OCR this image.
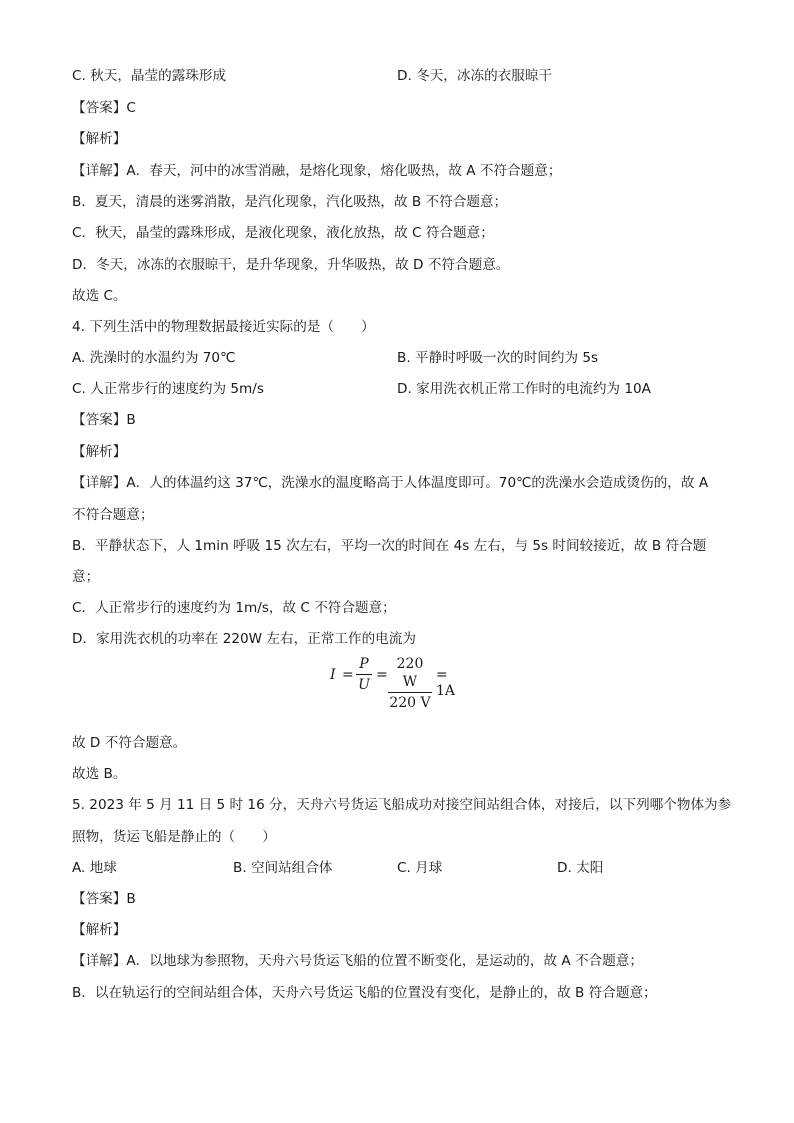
C. 秋天，晶莹的露珠形成	D. 冬天，冰冻的衣服晾干
【答案】C
【解析】
【详解】A．春天，河中的冰雪消融，是熔化现象，熔化吸热，故 A 不符合题意；
B．夏天，清晨的迷雾消散，是汽化现象，汽化吸热，故 B 不符合题意；
C．秋天，晶莹的露珠形成，是液化现象，液化放热，故 C 符合题意；
D．冬天，冰冻的衣服晾干，是升华现象，升华吸热，故 D 不符合题意。
故选 C。
4. 下列生活中的物理数据最接近实际的是（　　）
A. 洗澡时的水温约为 70℃	B. 平静时呼吸一次的时间约为 5s
C. 人正常步行的速度约为 5m/s	D. 家用洗衣机正常工作时的电流约为 10A
【答案】B
【解析】
【详解】A．人的体温约这 37℃，洗澡水的温度略高于人体温度即可。70℃的洗澡水会造成烫伤的，故 A
不符合题意；
B．平静状态下，人 1min 呼吸 15 次左右，平均一次的时间在 4s 左右，与 5s 时间较接近，故 B 符合题
意；
C．人正常步行的速度约为 1m/s，故 C 不符合题意；
D．家用洗衣机的功率在 220W 左右，正常工作的电流为
I =
P
U
=
220 W
220 V
= 1A
故 D 不符合题意。
故选 B。
5. 2023 年 5 月 11 日 5 时 16 分，天舟六号货运飞船成功对接空间站组合体，对接后，以下列哪个物体为参
照物，货运飞船是静止的（　　）
A. 地球	B. 空间站组合体	C. 月球	D. 太阳
【答案】B
【解析】
【详解】A．以地球为参照物，天舟六号货运飞船的位置不断变化，是运动的，故 A 不合题意；
B．以在轨运行的空间站组合体，天舟六号货运飞船的位置没有变化，是静止的，故 B 符合题意；
